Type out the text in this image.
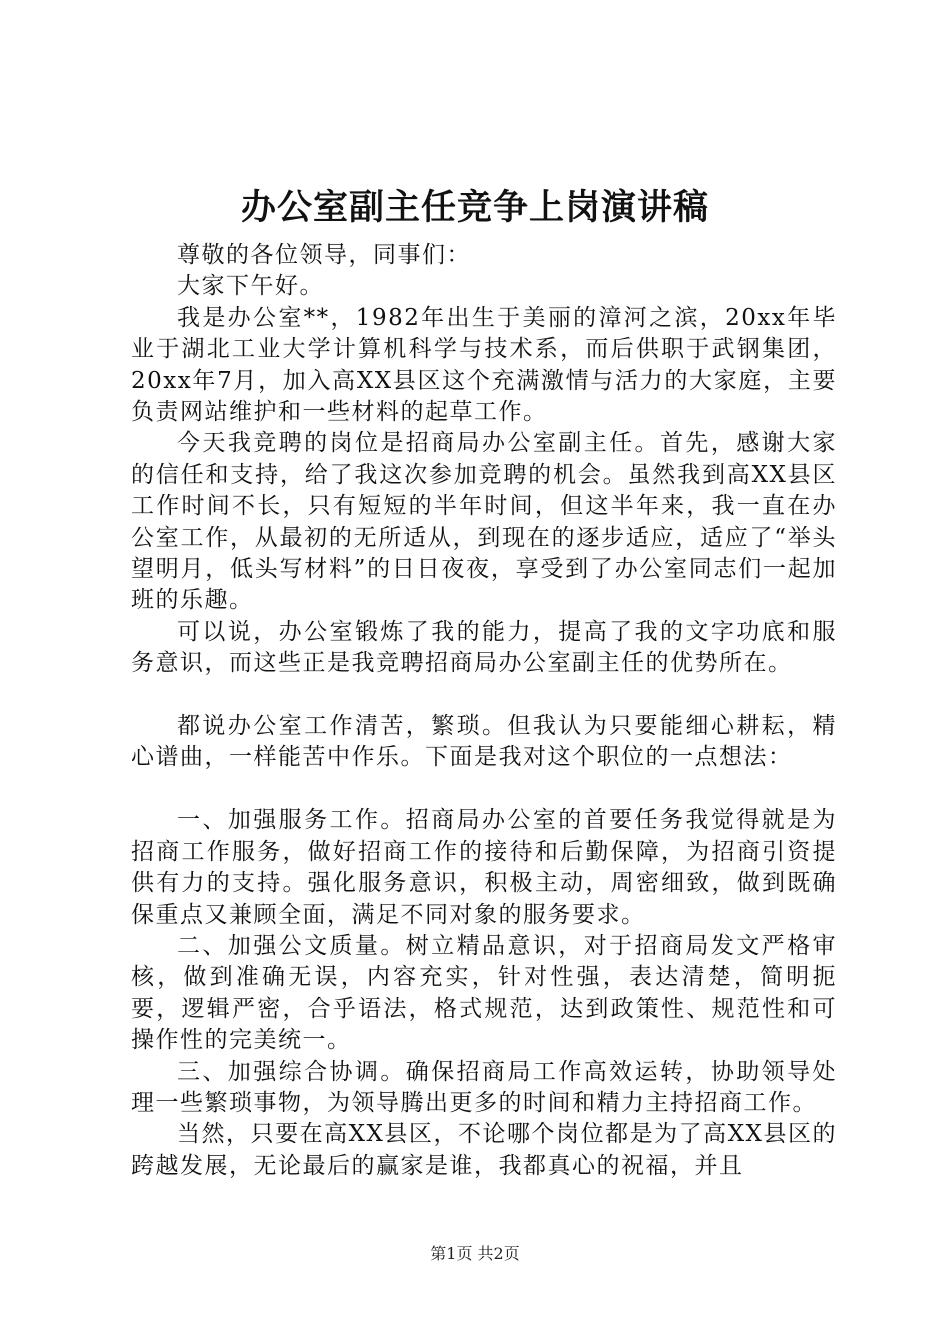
办公室副主任竞争上岗演讲稿

尊敬的各位领导，同事们：

大家下午好。

我是办公室**，1982年出生于美丽的漳河之滨，20xx年毕业于湖北工业大学计算机科学与技术系，而后供职于武钢集团，20xx年7月，加入高XX县区这个充满激情与活力的大家庭，主要负责网站维护和一些材料的起草工作。

今天我竞聘的岗位是招商局办公室副主任。首先，感谢大家的信任和支持，给了我这次参加竞聘的机会。虽然我到高XX县区工作时间不长，只有短短的半年时间，但这半年来，我一直在办公室工作，从最初的无所适从，到现在的逐步适应，适应了“举头望明月，低头写材料”的日日夜夜，享受到了办公室同志们一起加班的乐趣。

可以说，办公室锻炼了我的能力，提高了我的文字功底和服务意识，而这些正是我竞聘招商局办公室副主任的优势所在。

都说办公室工作清苦，繁琐。但我认为只要能细心耕耘，精心谱曲，一样能苦中作乐。下面是我对这个职位的一点想法：

一、加强服务工作。招商局办公室的首要任务我觉得就是为招商工作服务，做好招商工作的接待和后勤保障，为招商引资提供有力的支持。强化服务意识，积极主动，周密细致，做到既确保重点又兼顾全面，满足不同对象的服务要求。

二、加强公文质量。树立精品意识，对于招商局发文严格审核，做到准确无误，内容充实，针对性强，表达清楚，简明扼要，逻辑严密，合乎语法，格式规范，达到政策性、规范性和可操作性的完美统一。

三、加强综合协调。确保招商局工作高效运转，协助领导处理一些繁琐事物，为领导腾出更多的时间和精力主持招商工作。

当然，只要在高XX县区，不论哪个岗位都是为了高XX县区的跨越发展，无论最后的赢家是谁，我都真心的祝福，并且

第1页 共2页
